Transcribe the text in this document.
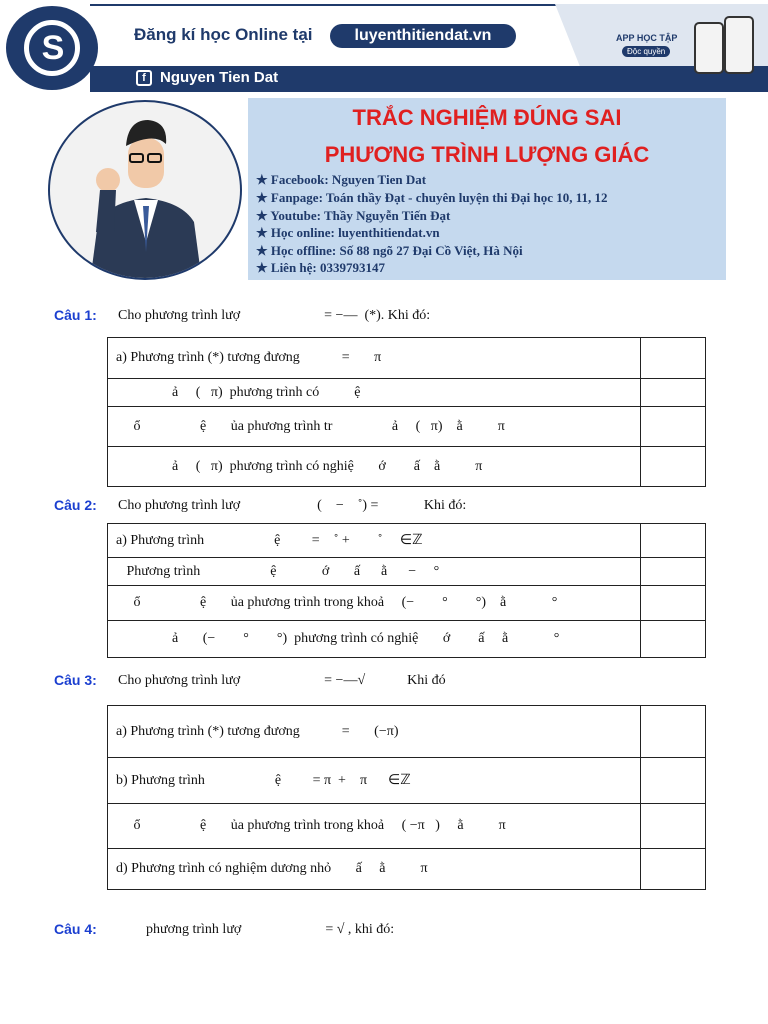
S	Đăng kí học Online tại	luyenthitiendat.vn	APP HỌC TẬP
Độc quyền
f Nguyen Tien Dat
TRẮC NGHIỆM ĐÚNG SAI
PHƯƠNG TRÌNH LƯỢNG GIÁC
★ Facebook: Nguyen Tien Dat
★ Fanpage: Toán thầy Đạt - chuyên luyện thi Đại học 10, 11, 12
★ Youtube: Thầy Nguyễn Tiến Đạt
★ Học online: luyenthitiendat.vn
★ Học offline: Số 88 ngõ 27 Đại Cồ Việt, Hà Nội
★ Liên hệ: 0339793147
Câu 1: Cho phương trình lượ                        = −—  (*). Khi đó:
a) Phương trình (*) tương đương            =       π	
ả     (   π)  phương trình có          ệ	
ổ                 ệ       ủa phương trình tr                 ả     (   π)    ằ          π	
ả     (   π)  phương trình có nghiệ       ớ        ấ    ằ          π	
Câu 2: Cho phương trình lượ                      (    −    ˚) =             Khi đó:
a) Phương trình                    ệ         =    ˚ +        ˚     ∈ℤ	
Phương trình                    ệ             ớ       ấ      ằ      −     °	
ổ                 ệ       ủa phương trình trong khoả     (−        °        °)    ằ             °	
ả       (−        °        °)  phương trình có nghiệ       ớ        ấ     ằ             °	
Câu 3: Cho phương trình lượ                        = −—√            Khi đó
a) Phương trình (*) tương đương            =       (−π)	
b) Phương trình                    ệ         = π  +    π      ∈ℤ	
ổ                 ệ       ủa phương trình trong khoả     ( −π   )     ằ          π	
d) Phương trình có nghiệm dương nhỏ       ấ     ằ          π	
Câu 4: phương trình lượ                        = √ , khi đó:
